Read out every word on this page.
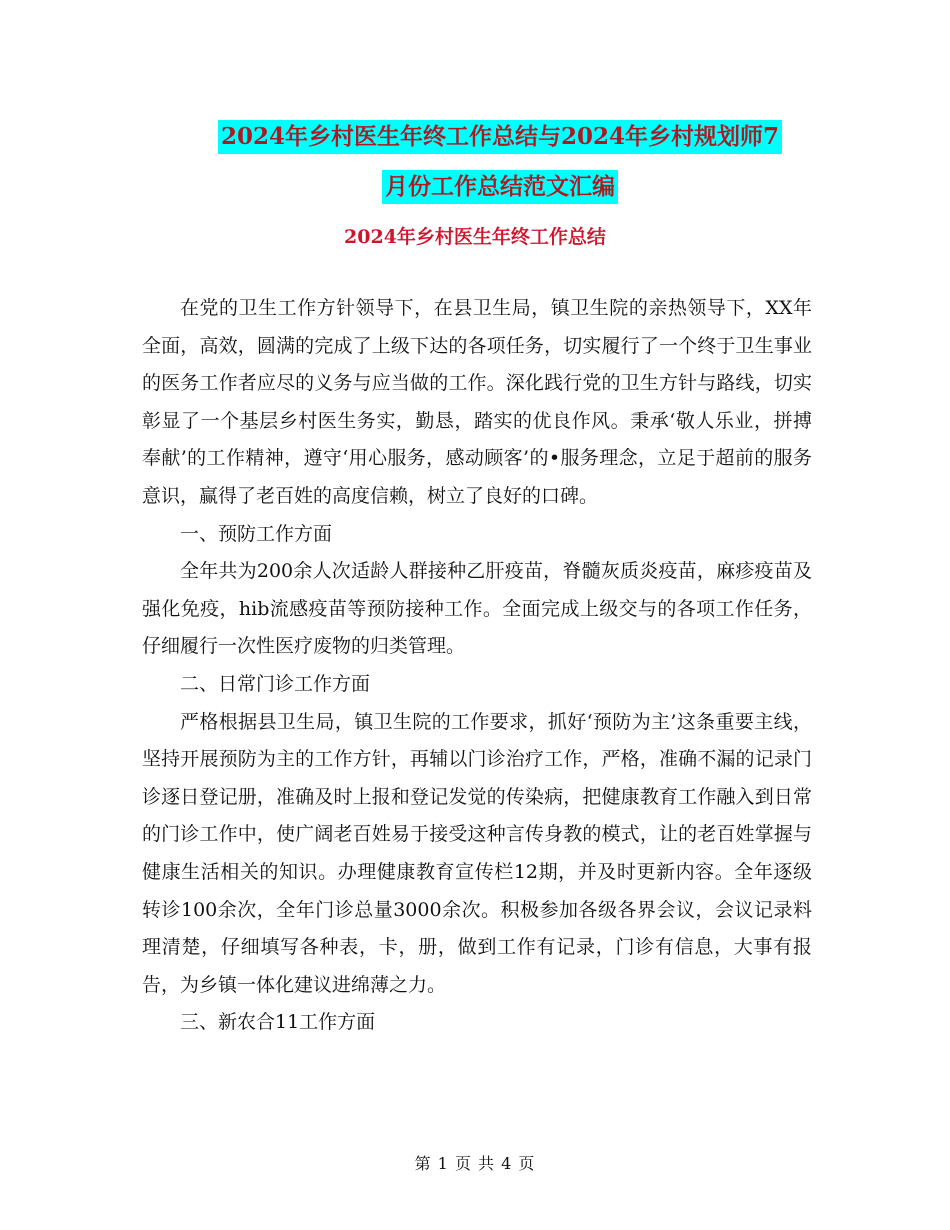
2024年乡村医生年终工作总结与2024年乡村规划师7
月份工作总结范文汇编
2024年乡村医生年终工作总结

在党的卫生工作方针领导下，在县卫生局，镇卫生院的亲热领导下，XX年全面，高效，圆满的完成了上级下达的各项任务，切实履行了一个终于卫生事业的医务工作者应尽的义务与应当做的工作。深化践行党的卫生方针与路线，切实彰显了一个基层乡村医生务实，勤恳，踏实的优良作风。秉承‘敬人乐业，拼搏奉献’的工作精神，遵守‘用心服务，感动顾客’的•服务理念，立足于超前的服务意识，赢得了老百姓的高度信赖，树立了良好的口碑。

一、预防工作方面

全年共为200余人次适龄人群接种乙肝疫苗，脊髓灰质炎疫苗，麻疹疫苗及强化免疫，hib流感疫苗等预防接种工作。全面完成上级交与的各项工作任务，仔细履行一次性医疗废物的归类管理。

二、日常门诊工作方面

严格根据县卫生局，镇卫生院的工作要求，抓好‘预防为主’这条重要主线，坚持开展预防为主的工作方针，再辅以门诊治疗工作，严格，准确不漏的记录门诊逐日登记册，准确及时上报和登记发觉的传染病，把健康教育工作融入到日常的门诊工作中，使广阔老百姓易于接受这种言传身教的模式，让的老百姓掌握与健康生活相关的知识。办理健康教育宣传栏12期，并及时更新内容。全年逐级转诊100余次，全年门诊总量3000余次。积极参加各级各界会议，会议记录料理清楚，仔细填写各种表，卡，册，做到工作有记录，门诊有信息，大事有报告，为乡镇一体化建议进绵薄之力。

三、新农合11工作方面

第 1 页 共 4 页
